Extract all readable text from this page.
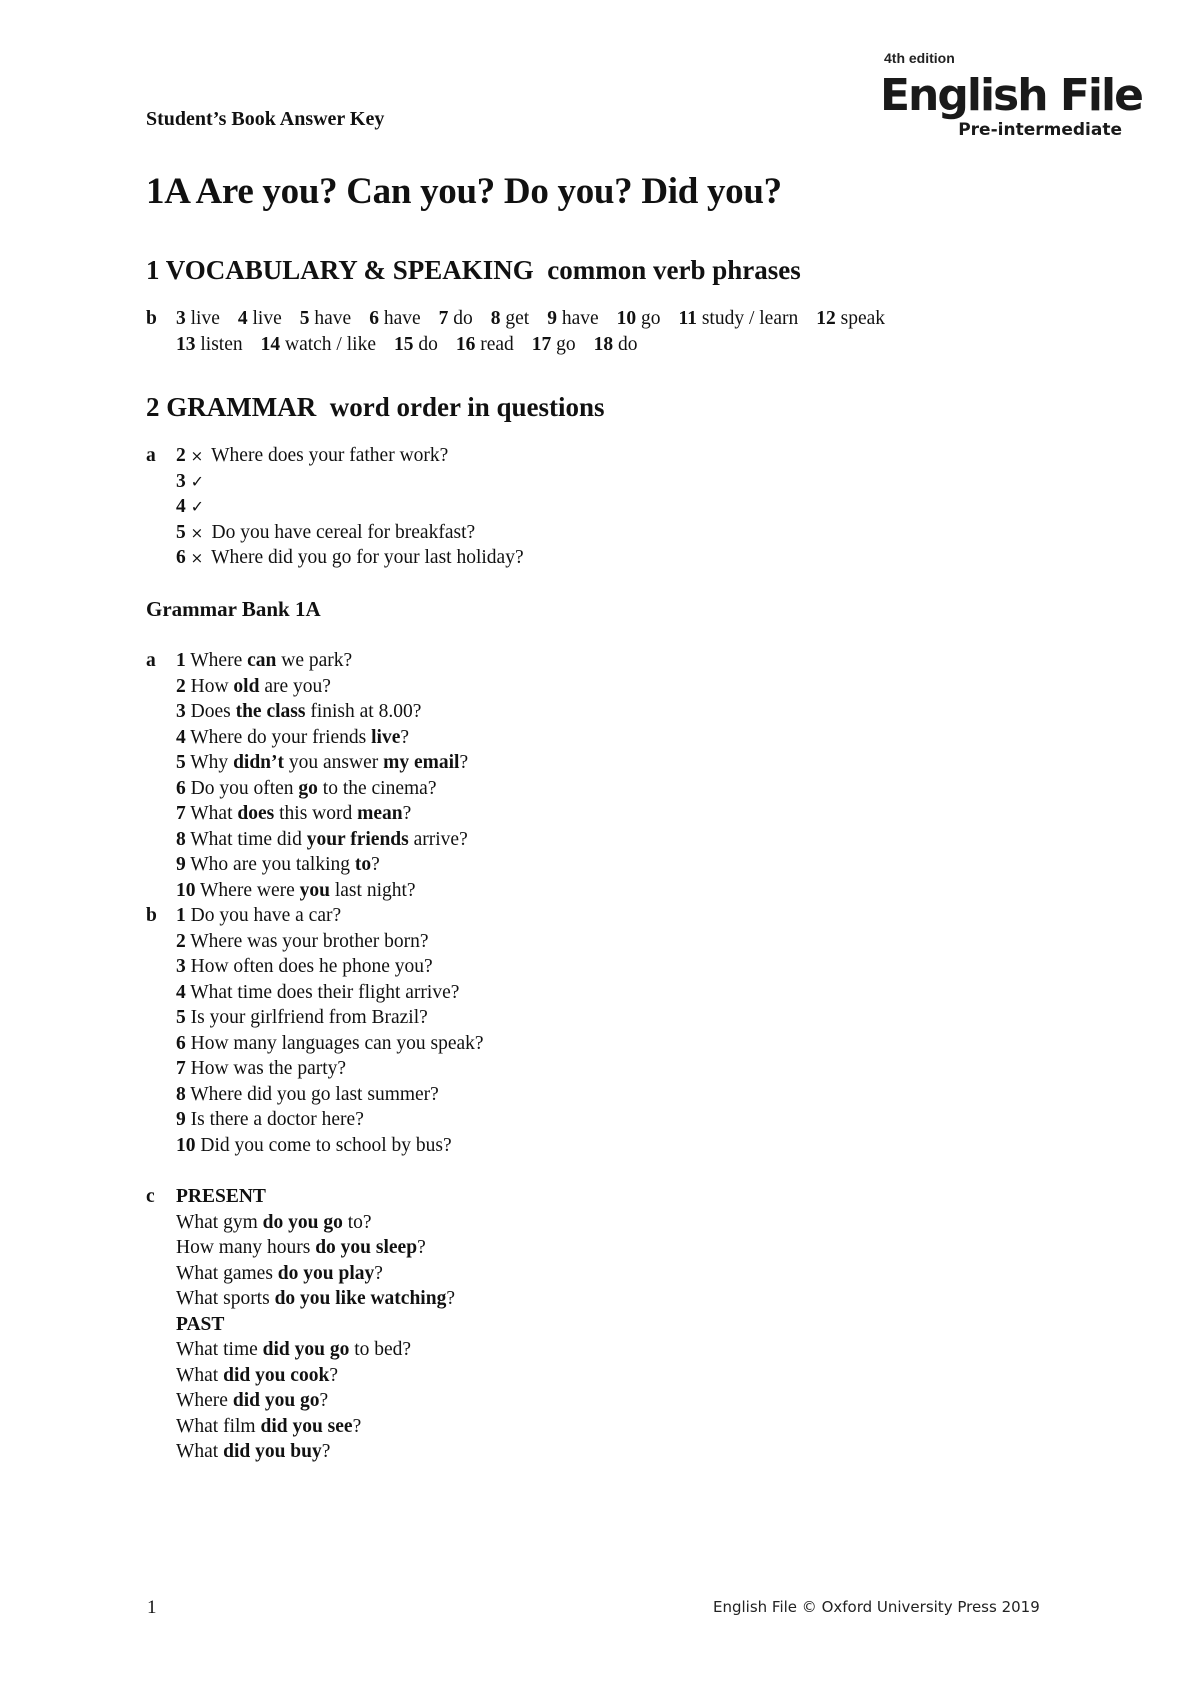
4th edition
English File
Pre-intermediate
Student’s Book Answer Key
1A Are you? Can you? Do you? Did you?
1 VOCABULARY & SPEAKING common verb phrases
b 3 live 4 live 5 have 6 have 7 do 8 get 9 have 10 go 11 study / learn 12 speak
13 listen 14 watch / like 15 do 16 read 17 go 18 do
2 GRAMMAR word order in questions
a 2 × Where does your father work?
3 ✓
4 ✓
5 × Do you have cereal for breakfast?
6 × Where did you go for your last holiday?
Grammar Bank 1A
a 1 Where can we park?
2 How old are you?
3 Does the class finish at 8.00?
4 Where do your friends live?
5 Why didn’t you answer my email?
6 Do you often go to the cinema?
7 What does this word mean?
8 What time did your friends arrive?
9 Who are you talking to?
10 Where were you last night?
b 1 Do you have a car?
2 Where was your brother born?
3 How often does he phone you?
4 What time does their flight arrive?
5 Is your girlfriend from Brazil?
6 How many languages can you speak?
7 How was the party?
8 Where did you go last summer?
9 Is there a doctor here?
10 Did you come to school by bus?
c PRESENT
What gym do you go to?
How many hours do you sleep?
What games do you play?
What sports do you like watching?
PAST
What time did you go to bed?
What did you cook?
Where did you go?
What film did you see?
What did you buy?
1	English File © Oxford University Press 2019
